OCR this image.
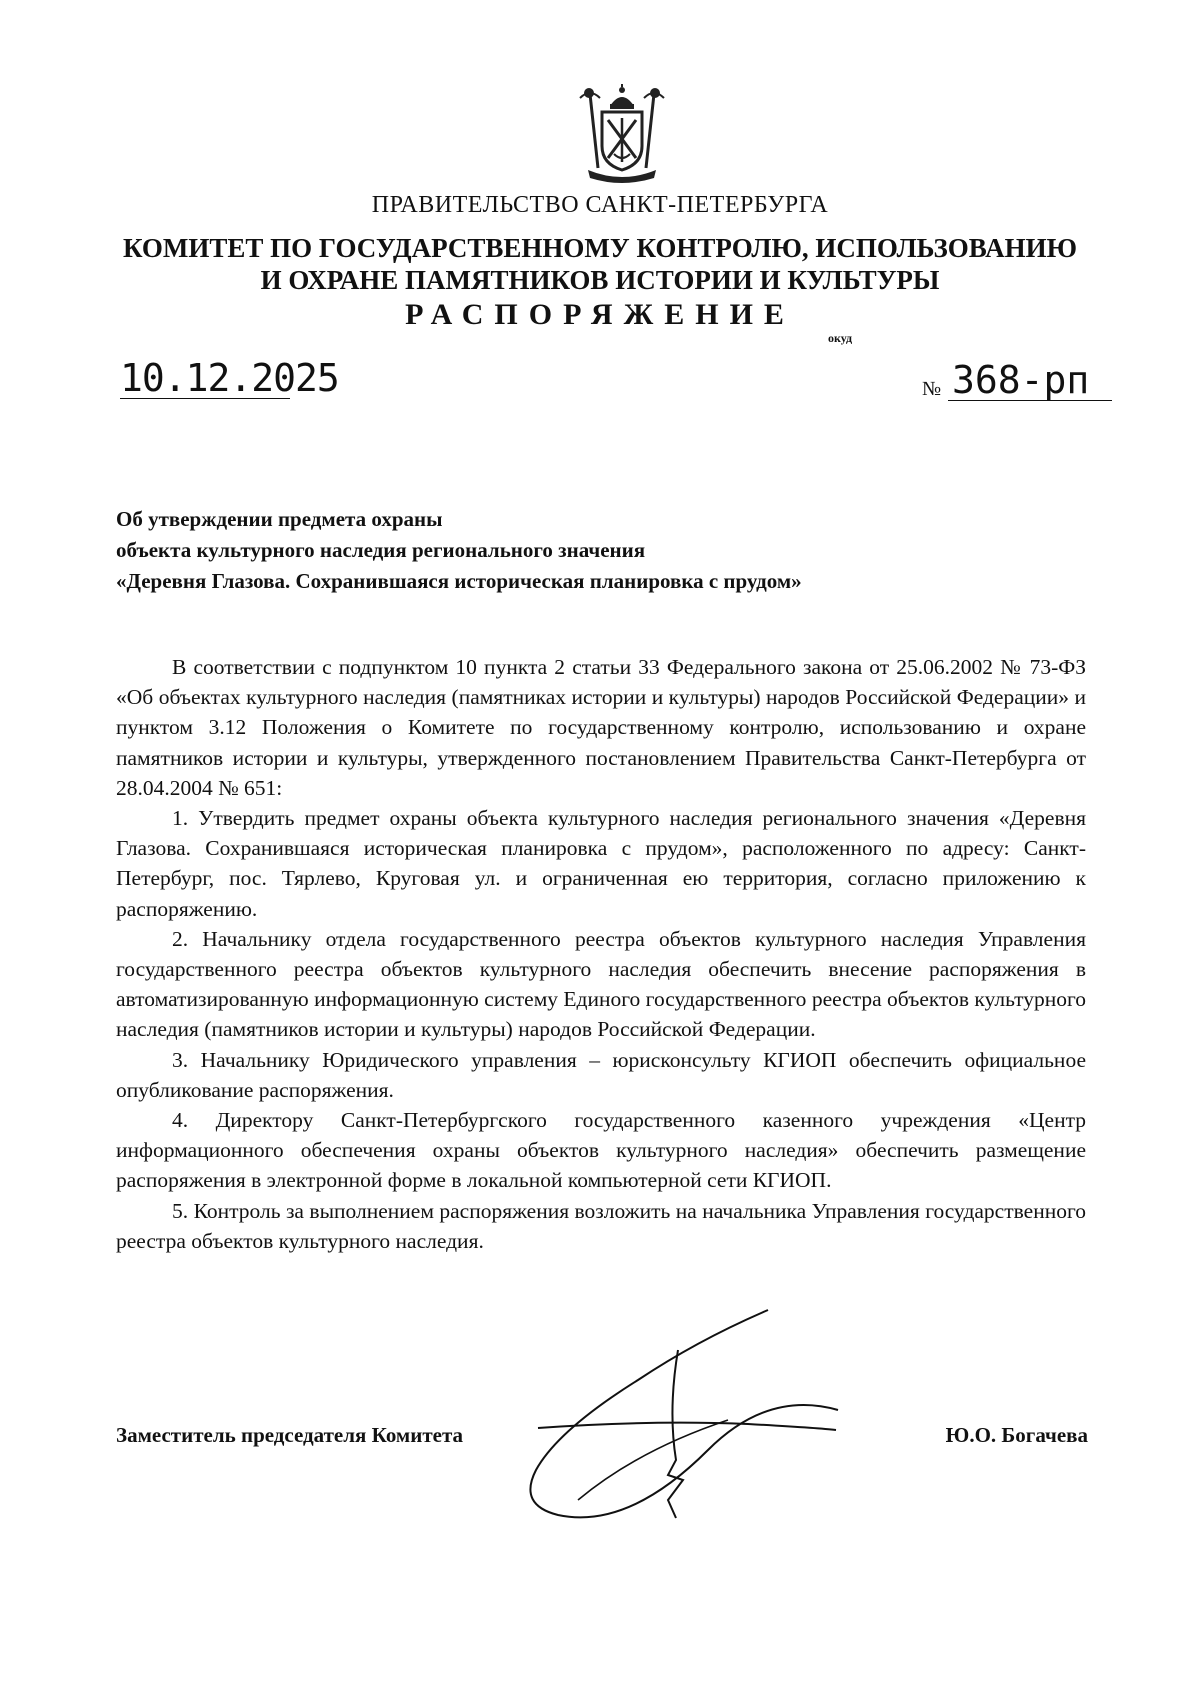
ПРАВИТЕЛЬСТВО САНКТ-ПЕТЕРБУРГА
КОМИТЕТ ПО ГОСУДАРСТВЕННОМУ КОНТРОЛЮ, ИСПОЛЬЗОВАНИЮ
И ОХРАНЕ ПАМЯТНИКОВ ИСТОРИИ И КУЛЬТУРЫ
РАСПОРЯЖЕНИЕ
окуд
10.12.2025	№ 368-рп
Об утверждении предмета охраны
объекта культурного наследия регионального значения
«Деревня Глазова. Сохранившаяся историческая планировка с прудом»

В соответствии с подпунктом 10 пункта 2 статьи 33 Федерального закона от 25.06.2002 № 73-ФЗ «Об объектах культурного наследия (памятниках истории и культуры) народов Российской Федерации» и пунктом 3.12 Положения о Комитете по государственному контролю, использованию и охране памятников истории и культуры, утвержденного постановлением Правительства Санкт-Петербурга от 28.04.2004 № 651:

1. Утвердить предмет охраны объекта культурного наследия регионального значения «Деревня Глазова. Сохранившаяся историческая планировка с прудом», расположенного по адресу: Санкт-Петербург, пос. Тярлево, Круговая ул. и ограниченная ею территория, согласно приложению к распоряжению.

2. Начальнику отдела государственного реестра объектов культурного наследия Управления государственного реестра объектов культурного наследия обеспечить внесение распоряжения в автоматизированную информационную систему Единого государственного реестра объектов культурного наследия (памятников истории и культуры) народов Российской Федерации.

3. Начальнику Юридического управления – юрисконсульту КГИОП обеспечить официальное опубликование распоряжения.

4. Директору Санкт-Петербургского государственного казенного учреждения «Центр информационного обеспечения охраны объектов культурного наследия» обеспечить размещение распоряжения в электронной форме в локальной компьютерной сети КГИОП.

5. Контроль за выполнением распоряжения возложить на начальника Управления государственного реестра объектов культурного наследия.

Заместитель председателя Комитета	Ю.О. Богачева
